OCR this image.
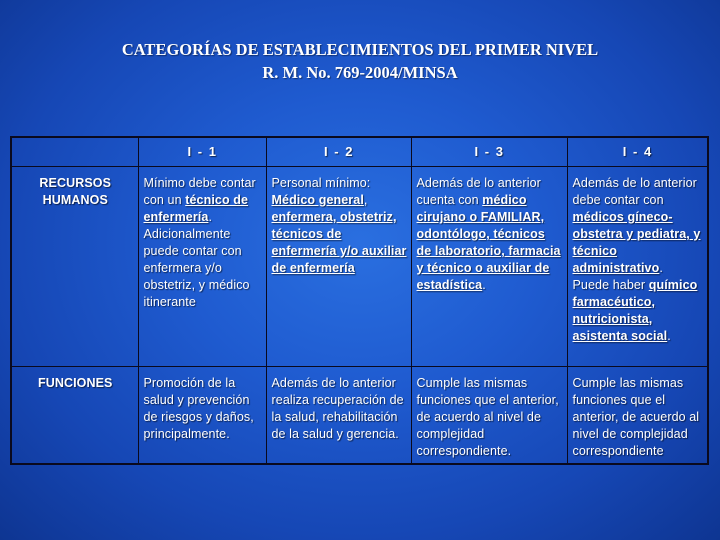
CATEGORÍAS DE ESTABLECIMIENTOS DEL PRIMER NIVEL
R. M. No. 769-2004/MINSA
	I - 1	I - 2	I - 3	I - 4
RECURSOS HUMANOS	Mínimo debe contar con un técnico de enfermería. Adicionalmente puede contar con enfermera y/o obstetriz, y médico itinerante	Personal mínimo: Médico general, enfermera, obstetriz, técnicos de enfermería y/o auxiliar de enfermería	Además de lo anterior cuenta con médico cirujano o FAMILIAR, odontólogo, técnicos de laboratorio, farmacia y técnico o auxiliar de estadística.	Además de lo anterior debe contar con médicos gíneco-obstetra y pediatra, y técnico administrativo. Puede haber químico farmacéutico, nutricionista, asistenta social.
FUNCIONES	Promoción de la salud y prevención de riesgos y daños, principalmente.	Además de lo anterior realiza recuperación de la salud, rehabilitación de la salud y gerencia.	Cumple las mismas funciones que el anterior, de acuerdo al nivel de complejidad correspondiente.	Cumple las mismas funciones que el anterior, de acuerdo al nivel de complejidad correspondiente
